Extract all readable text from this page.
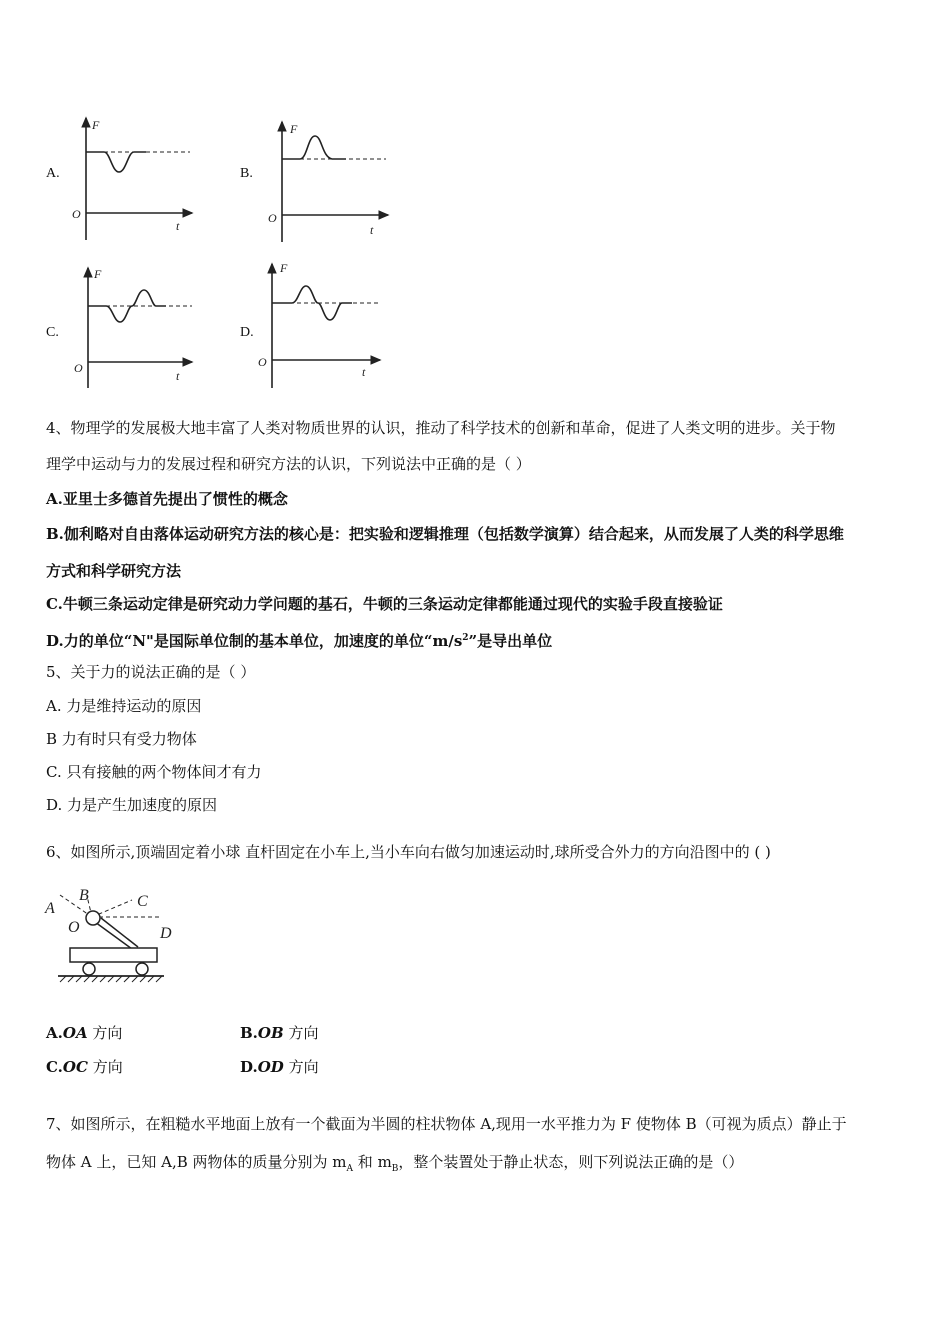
A.	B.
C.	D.
F
O
t
F
O
t
F
O
t
F
O
t
4、物理学的发展极大地丰富了人类对物质世界的认识，推动了科学技术的创新和革命，促进了人类文明的进步。关于物
理学中运动与力的发展过程和研究方法的认识，下列说法中正确的是（ ）
A.亚里士多德首先提出了惯性的概念
B.伽利略对自由落体运动研究方法的核心是：把实验和逻辑推理（包括数学演算）结合起来，从而发展了人类的科学思维
方式和科学研究方法
C.牛顿三条运动定律是研究动力学问题的基石，牛顿的三条运动定律都能通过现代的实验手段直接验证
D.力的单位“N"是国际单位制的基本单位，加速度的单位“$m/s^2$”是导出单位
5、关于力的说法正确的是（ ）
A. 力是维持运动的原因
B 力有时只有受力物体
C. 只有接触的两个物体间才有力
D. 力是产生加速度的原因
6、如图所示,顶端固定着小球 直杆固定在小车上,当小车向右做匀加速运动时,球所受合外力的方向沿图中的 ( )
A
B	C
D
O
A.OA 方向	B.OB 方向
C.OC 方向	D.OD 方向
7、如图所示，在粗糙水平地面上放有一个截面为半圆的柱状物体 A,现用一水平推力为 F 使物体 B（可视为质点）静止于
物体 A 上，已知 A,B 两物体的质量分别为 $m_A$ 和 $m_B$，整个装置处于静止状态，则下列说法正确的是（）
